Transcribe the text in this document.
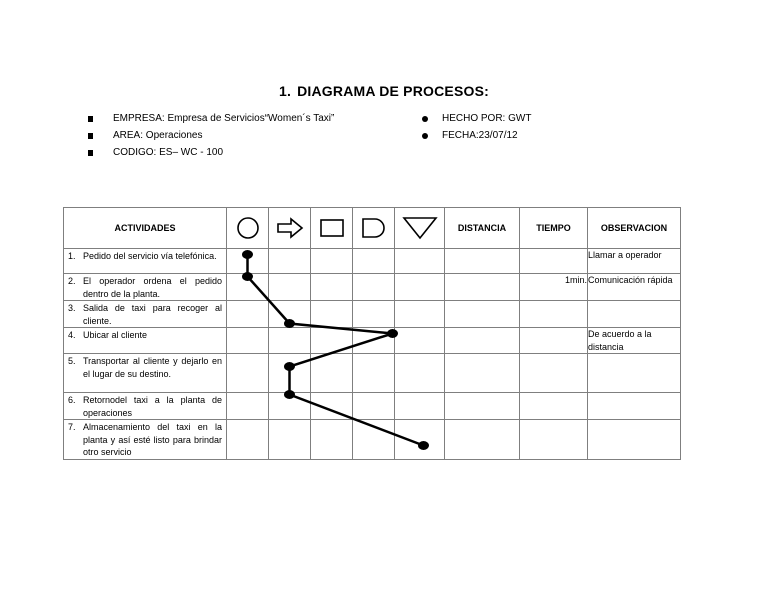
1. DIAGRAMA DE PROCESOS:
EMPRESA: Empresa de Servicios“Women´s Taxi”
AREA: Operaciones
CODIGO: ES– WC - 100
HECHO POR: GWT
FECHA:23/07/12
ACTIVIDADES						DISTANCIA	TIEMPO	OBSERVACION

1. Pedido del servicio vía telefónica.								Llamar a operador

2. El operador ordena el pedido dentro de la planta.							1min.	Comunicación rápida

3. Salida de taxi para recoger al cliente.								

4. Ubicar al cliente								De acuerdo a la distancia

5. Transportar al cliente y dejarlo en el lugar de su destino.								

6. Retornodel taxi a la planta de operaciones								

7. Almacenamiento del taxi en la planta y así esté listo para brindar otro servicio								
